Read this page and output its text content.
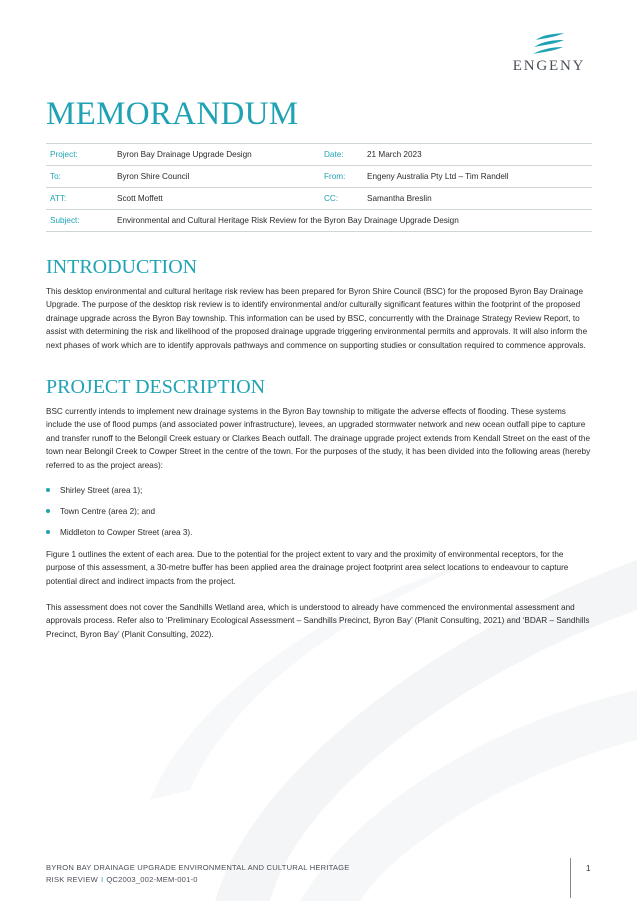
ENGENY
MEMORANDUM
Project:	Byron Bay Drainage Upgrade Design	Date:	21 March 2023
To:	Byron Shire Council	From:	Engeny Australia Pty Ltd – Tim Randell
ATT:	Scott Moffett	CC:	Samantha Breslin
Subject:	Environmental and Cultural Heritage Risk Review for the Byron Bay Drainage Upgrade Design		
INTRODUCTION

This desktop environmental and cultural heritage risk review has been prepared for Byron Shire Council (BSC) for the proposed Byron Bay Drainage Upgrade. The purpose of the desktop risk review is to identify environmental and/or culturally significant features within the footprint of the proposed drainage upgrade across the Byron Bay township. This information can be used by BSC, concurrently with the Drainage Strategy Review Report, to assist with determining the risk and likelihood of the proposed drainage upgrade triggering environmental permits and approvals. It will also inform the next phases of work which are to identify approvals pathways and commence on supporting studies or consultation required to commence approvals.

PROJECT DESCRIPTION

BSC currently intends to implement new drainage systems in the Byron Bay township to mitigate the adverse effects of flooding. These systems include the use of flood pumps (and associated power infrastructure), levees, an upgraded stormwater network and new ocean outfall pipe to capture and transfer runoff to the Belongil Creek estuary or Clarkes Beach outfall. The drainage upgrade project extends from Kendall Street on the east of the town near Belongil Creek to Cowper Street in the centre of the town. For the purposes of the study, it has been divided into the following areas (hereby referred to as the project areas):

Shirley Street (area 1);
Town Centre (area 2); and
Middleton to Cowper Street (area 3).

Figure 1 outlines the extent of each area. Due to the potential for the project extent to vary and the proximity of environmental receptors, for the purpose of this assessment, a 30-metre buffer has been applied area the drainage project footprint area select locations to endeavour to capture potential direct and indirect impacts from the project.

This assessment does not cover the Sandhills Wetland area, which is understood to already have commenced the environmental assessment and approvals process. Refer also to ‘Preliminary Ecological Assessment – Sandhills Precinct, Byron Bay’ (Planit Consulting, 2021) and ‘BDAR – Sandhills Precinct, Byron Bay’ (Planit Consulting, 2022).

BYRON BAY DRAINAGE UPGRADE ENVIRONMENTAL AND CULTURAL HERITAGE
RISK REVIEW I QC2003_002-MEM-001-0
1
